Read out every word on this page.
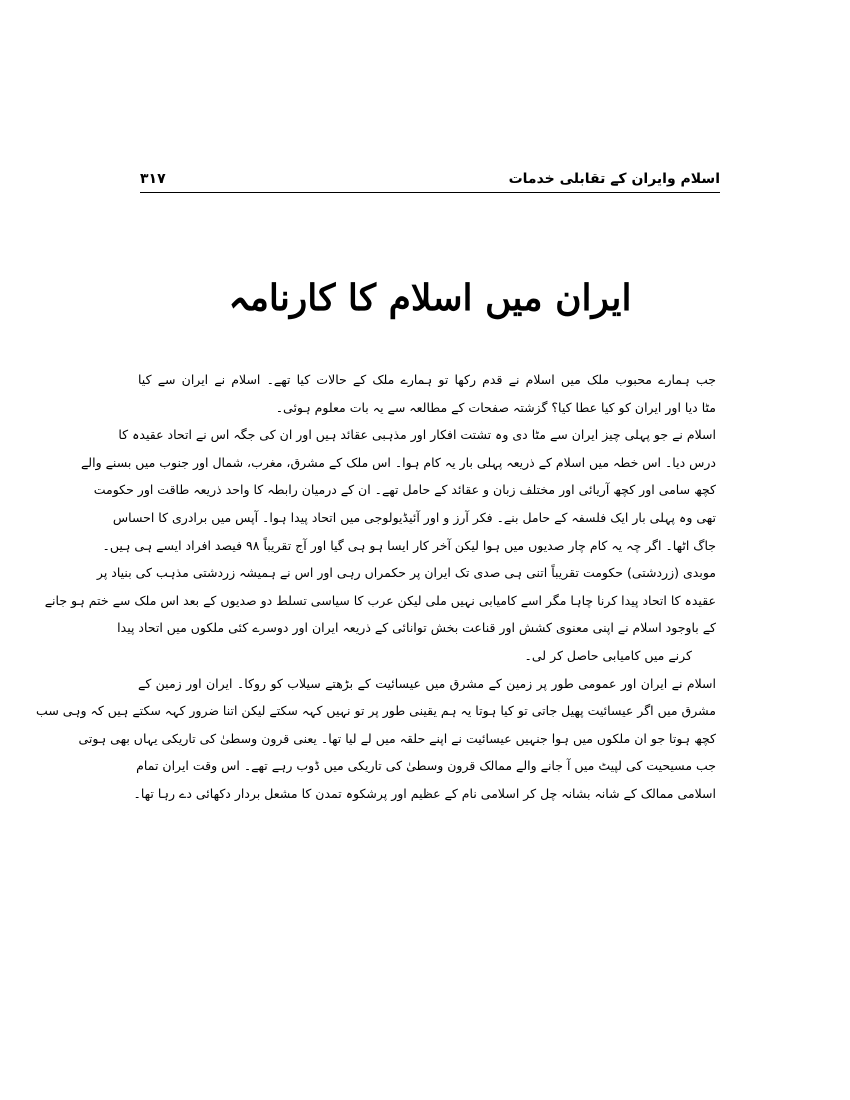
اسلام وایران کے تقابلی خدمات
۳۱۷
ایران میں اسلام کا کارنامہ
جب ہمارے محبوب ملک میں اسلام نے قدم رکھا تو ہمارے ملک کے حالات کیا تھے۔ اسلام نے ایران سے کیا
مٹا دیا اور ایران کو کیا عطا کیا؟ گزشتہ صفحات کے مطالعہ سے یہ بات معلوم ہوئی۔
اسلام نے جو پہلی چیز ایران سے مٹا دی وہ تشتت افکار اور مذہبی عقائد ہیں اور ان کی جگہ اس نے اتحاد عقیدہ کا
درس دیا۔ اس خطہ میں اسلام کے ذریعہ پہلی بار یہ کام ہوا۔ اس ملک کے مشرق، مغرب، شمال اور جنوب میں بسنے والے
کچھ سامی اور کچھ آریائی اور مختلف زبان و عقائد کے حامل تھے۔ ان کے درمیان رابطہ کا واحد ذریعہ طاقت اور حکومت
تھی وہ پہلی بار ایک فلسفہ کے حامل بنے۔ فکر آرز و اور آئیڈیولوجی میں اتحاد پیدا ہوا۔ آپس میں برادری کا احساس
جاگ اٹھا۔ اگر چہ یہ کام چار صدیوں میں ہوا لیکن آخر کار ایسا ہو ہی گیا اور آج تقریباً ۹۸ فیصد افراد ایسے ہی ہیں۔
موبدی (زردشتی) حکومت تقریباً اتنی ہی صدی تک ایران پر حکمراں رہی اور اس نے ہمیشہ زردشتی مذہب کی بنیاد پر
عقیدہ کا اتحاد پیدا کرنا چاہا مگر اسے کامیابی نہیں ملی لیکن عرب کا سیاسی تسلط دو صدیوں کے بعد اس ملک سے ختم ہو جانے
کے باوجود اسلام نے اپنی معنوی کشش اور قناعت بخش توانائی کے ذریعہ ایران اور دوسرے کئی ملکوں میں اتحاد پیدا
کرنے میں کامیابی حاصل کر لی۔
اسلام نے ایران اور عمومی طور پر زمین کے مشرق میں عیسائیت کے بڑھتے سیلاب کو روکا۔ ایران اور زمین کے
مشرق میں اگر عیسائیت پھیل جاتی تو کیا ہوتا یہ ہم یقینی طور پر تو نہیں کہہ سکتے لیکن اتنا ضرور کہہ سکتے ہیں کہ وہی سب
کچھ ہوتا جو ان ملکوں میں ہوا جنہیں عیسائیت نے اپنے حلقہ میں لے لیا تھا۔ یعنی قرون وسطیٰ کی تاریکی یہاں بھی ہوتی
جب مسیحیت کی لپیٹ میں آ جانے والے ممالک قرون وسطیٰ کی تاریکی میں ڈوب رہے تھے۔ اس وقت ایران تمام
اسلامی ممالک کے شانہ بشانہ چل کر اسلامی نام کے عظیم اور پرشکوہ تمدن کا مشعل بردار دکھائی دے رہا تھا۔
